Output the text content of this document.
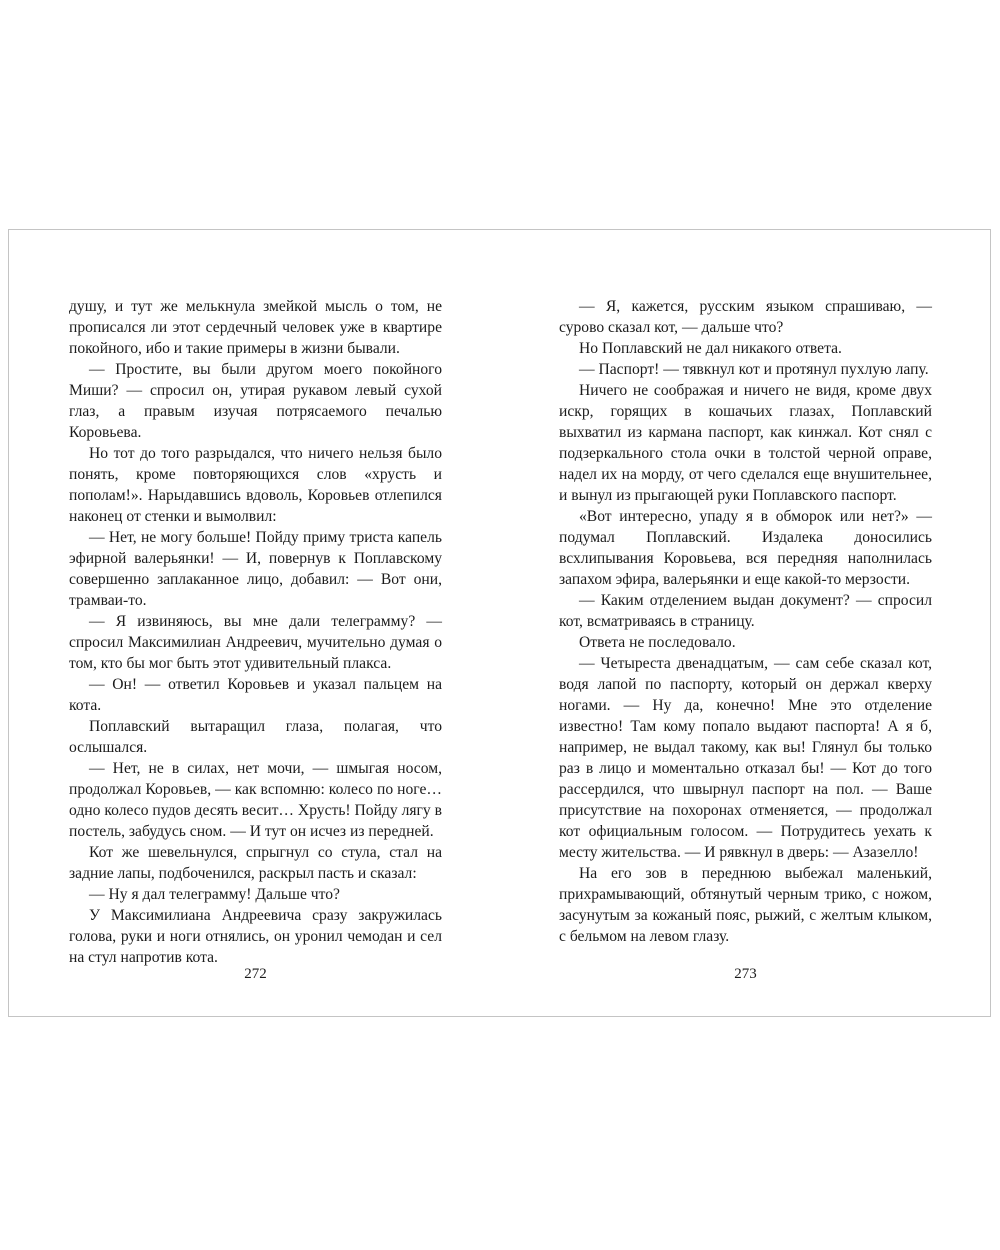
душу, и тут же мелькнула змейкой мысль о том, не прописался ли этот сердечный человек уже в квартире покойного, ибо и такие примеры в жизни бывали.

— Простите, вы были другом моего покойного Миши? — спросил он, утирая рукавом левый сухой глаз, а правым изучая потрясаемого печалью Коровьева.

Но тот до того разрыдался, что ничего нельзя было понять, кроме повторяющихся слов «хрусть и пополам!». Нарыдавшись вдоволь, Коровьев отлепился наконец от стенки и вымолвил:

— Нет, не могу больше! Пойду приму триста капель эфирной валерьянки! — И, повернув к Поплавскому совершенно заплаканное лицо, добавил: — Вот они, трамваи-то.

— Я извиняюсь, вы мне дали телеграмму? — спросил Максимилиан Андреевич, мучительно думая о том, кто бы мог быть этот удивительный плакса.

— Он! — ответил Коровьев и указал пальцем на кота.

Поплавский вытаращил глаза, полагая, что ослышался.

— Нет, не в силах, нет мочи, — шмыгая носом, продолжал Коровьев, — как вспомню: колесо по ноге… одно колесо пудов десять весит… Хрусть! Пойду лягу в постель, забудусь сном. — И тут он исчез из передней.

Кот же шевельнулся, спрыгнул со стула, стал на задние лапы, подбоченился, раскрыл пасть и сказал:

— Ну я дал телеграмму! Дальше что?

У Максимилиана Андреевича сразу закружилась голова, руки и ноги отнялись, он уронил чемодан и сел на стул напротив кота.

272

— Я, кажется, русским языком спрашиваю, — сурово сказал кот, — дальше что?

Но Поплавский не дал никакого ответа.

— Паспорт! — тявкнул кот и протянул пухлую лапу.

Ничего не соображая и ничего не видя, кроме двух искр, горящих в кошачьих глазах, Поплавский выхватил из кармана паспорт, как кинжал. Кот снял с подзеркального стола очки в толстой черной оправе, надел их на морду, от чего сделался еще внушительнее, и вынул из прыгающей руки Поплавского паспорт.

«Вот интересно, упаду я в обморок или нет?» — подумал Поплавский. Издалека доносились всхлипывания Коровьева, вся передняя наполнилась запахом эфира, валерьянки и еще какой-то мерзости.

— Каким отделением выдан документ? — спросил кот, всматриваясь в страницу.

Ответа не последовало.

— Четыреста двенадцатым, — сам себе сказал кот, водя лапой по паспорту, который он держал кверху ногами. — Ну да, конечно! Мне это отделение известно! Там кому попало выдают паспорта! А я б, например, не выдал такому, как вы! Глянул бы только раз в лицо и моментально отказал бы! — Кот до того рассердился, что швырнул паспорт на пол. — Ваше присутствие на похоронах отменяется, — продолжал кот официальным голосом. — Потрудитесь уехать к месту жительства. — И рявкнул в дверь: — Азазелло!

На его зов в переднюю выбежал маленький, прихрамывающий, обтянутый черным трико, с ножом, засунутым за кожаный пояс, рыжий, с желтым клыком, с бельмом на левом глазу.

273
